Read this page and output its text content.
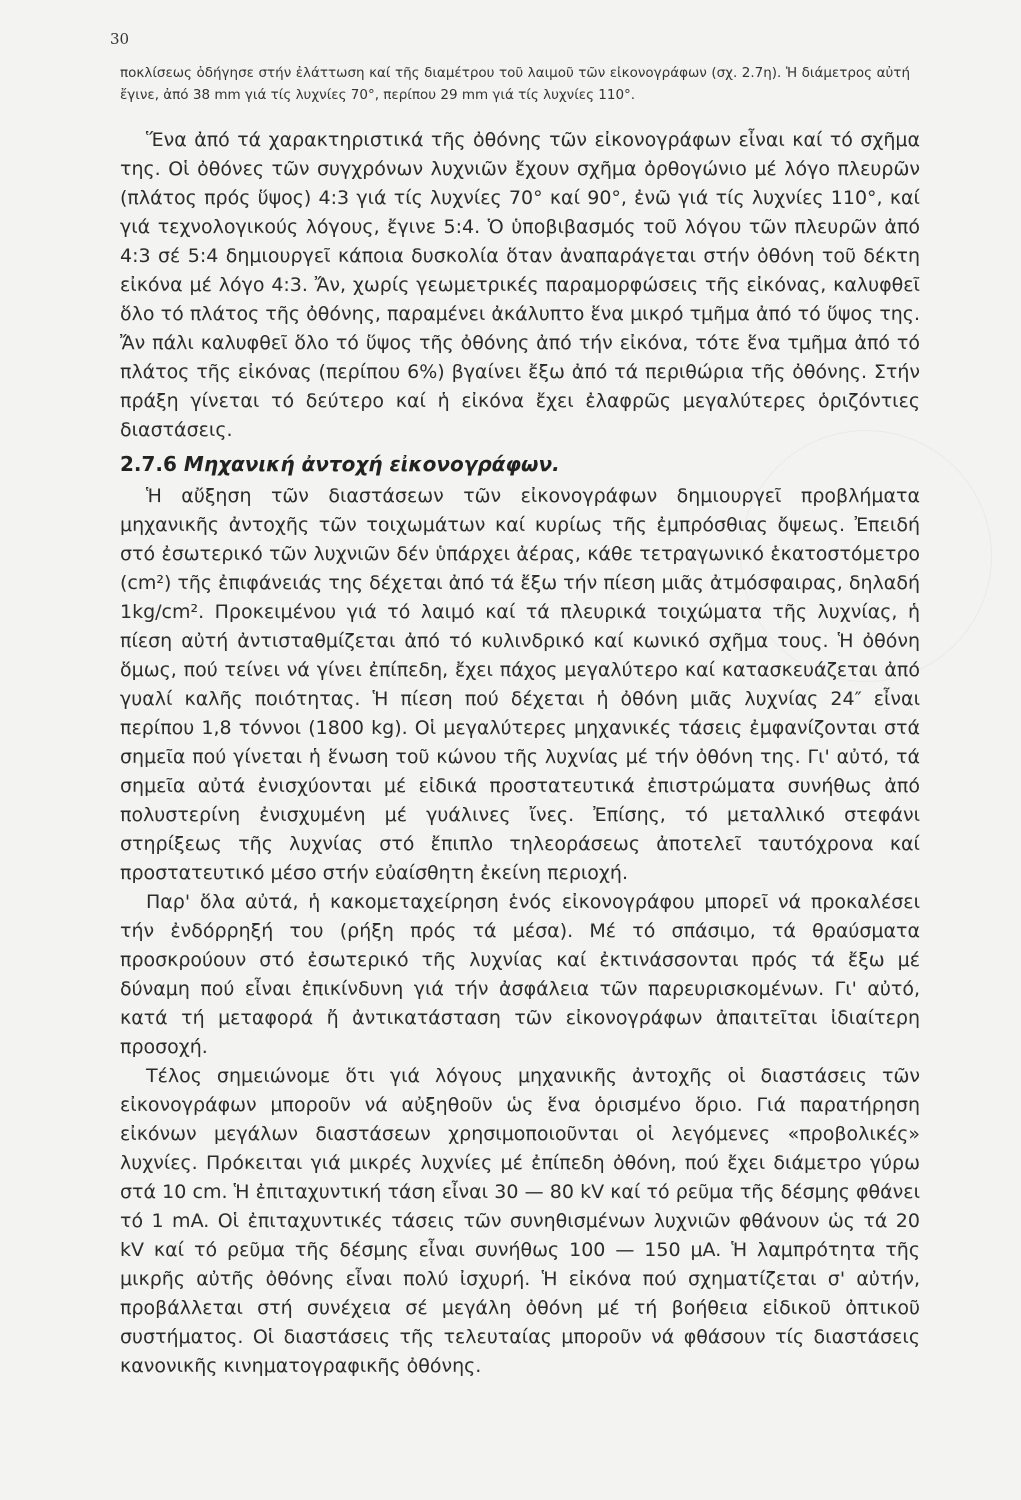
30
ποκλίσεως ὁδήγησε στήν ἐλάττωση καί τῆς διαμέτρου τοῦ λαιμοῦ τῶν εἰκονογράφων (σχ. 2.7η). Ἡ διάμετρος αὐτή ἔγινε, ἀπό 38 mm γιά τίς λυχνίες 70°, περίπου 29 mm γιά τίς λυχνίες 110°.

Ἕνα ἀπό τά χαρακτηριστικά τῆς ὀθόνης τῶν εἰκονογράφων εἶναι καί τό σχῆμα της. Οἱ ὀθόνες τῶν συγχρόνων λυχνιῶν ἔχουν σχῆμα ὀρθογώνιο μέ λόγο πλευρῶν (πλάτος πρός ὕψος) 4:3 γιά τίς λυχνίες 70° καί 90°, ἐνῶ γιά τίς λυχνίες 110°, καί γιά τεχνολογικούς λόγους, ἔγινε 5:4. Ὁ ὑποβιβασμός τοῦ λόγου τῶν πλευρῶν ἀπό 4:3 σέ 5:4 δημιουργεῖ κάποια δυσκολία ὅταν ἀναπαράγεται στήν ὀθόνη τοῦ δέκτη εἰκόνα μέ λόγο 4:3. Ἄν, χωρίς γεωμετρικές παραμορφώσεις τῆς εἰκόνας, καλυφθεῖ ὅλο τό πλάτος τῆς ὀθόνης, παραμένει ἀκάλυπτο ἕνα μικρό τμῆμα ἀπό τό ὕψος της. Ἄν πάλι καλυφθεῖ ὅλο τό ὕψος τῆς ὀθόνης ἀπό τήν εἰκόνα, τότε ἕνα τμῆμα ἀπό τό πλάτος τῆς εἰκόνας (περίπου 6%) βγαίνει ἔξω ἀπό τά περιθώρια τῆς ὀθόνης. Στήν πράξη γίνεται τό δεύτερο καί ἡ εἰκόνα ἔχει ἐλαφρῶς μεγαλύτερες ὁριζόντιες διαστάσεις.

2.7.6 Μηχανική ἀντοχή εἰκονογράφων.

Ἡ αὔξηση τῶν διαστάσεων τῶν εἰκονογράφων δημιουργεῖ προβλήματα μηχανικῆς ἀντοχῆς τῶν τοιχωμάτων καί κυρίως τῆς ἐμπρόσθιας ὄψεως. Ἐπειδή στό ἐσωτερικό τῶν λυχνιῶν δέν ὑπάρχει ἀέρας, κάθε τετραγωνικό ἑκατοστόμετρο (cm²) τῆς ἐπιφάνειάς της δέχεται ἀπό τά ἔξω τήν πίεση μιᾶς ἀτμόσφαιρας, δηλαδή 1kg/cm². Προκειμένου γιά τό λαιμό καί τά πλευρικά τοιχώματα τῆς λυχνίας, ἡ πίεση αὐτή ἀντισταθμίζεται ἀπό τό κυλινδρικό καί κωνικό σχῆμα τους. Ἡ ὀθόνη ὅμως, πού τείνει νά γίνει ἐπίπεδη, ἔχει πάχος μεγαλύτερο καί κατασκευάζεται ἀπό γυαλί καλῆς ποιότητας. Ἡ πίεση πού δέχεται ἡ ὀθόνη μιᾶς λυχνίας 24″ εἶναι περίπου 1,8 τόννοι (1800 kg). Οἱ μεγαλύτερες μηχανικές τάσεις ἐμφανίζονται στά σημεῖα πού γίνεται ἡ ἕνωση τοῦ κώνου τῆς λυχνίας μέ τήν ὀθόνη της. Γι' αὐτό, τά σημεῖα αὐτά ἐνισχύονται μέ εἰδικά προστατευτικά ἐπιστρώματα συνήθως ἀπό πολυστερίνη ἐνισχυμένη μέ γυάλινες ἴνες. Ἐπίσης, τό μεταλλικό στεφάνι στηρίξεως τῆς λυχνίας στό ἔπιπλο τηλεοράσεως ἀποτελεῖ ταυτόχρονα καί προστατευτικό μέσο στήν εὐαίσθητη ἐκείνη περιοχή.

Παρ' ὅλα αὐτά, ἡ κακομεταχείρηση ἑνός εἰκονογράφου μπορεῖ νά προκαλέσει τήν ἐνδόρρηξή του (ρήξη πρός τά μέσα). Μέ τό σπάσιμο, τά θραύσματα προσκρούουν στό ἐσωτερικό τῆς λυχνίας καί ἐκτινάσσονται πρός τά ἔξω μέ δύναμη πού εἶναι ἐπικίνδυνη γιά τήν ἀσφάλεια τῶν παρευρισκομένων. Γι' αὐτό, κατά τή μεταφορά ἤ ἀντικατάσταση τῶν εἰκονογράφων ἀπαιτεῖται ἰδιαίτερη προσοχή.

Τέλος σημειώνομε ὅτι γιά λόγους μηχανικῆς ἀντοχῆς οἱ διαστάσεις τῶν εἰκονογράφων μποροῦν νά αὐξηθοῦν ὡς ἕνα ὁρισμένο ὅριο. Γιά παρατήρηση εἰκόνων μεγάλων διαστάσεων χρησιμοποιοῦνται οἱ λεγόμενες «προβολικές» λυχνίες. Πρόκειται γιά μικρές λυχνίες μέ ἐπίπεδη ὀθόνη, πού ἔχει διάμετρο γύρω στά 10 cm. Ἡ ἐπιταχυντική τάση εἶναι 30 — 80 kV καί τό ρεῦμα τῆς δέσμης φθάνει τό 1 mA. Οἱ ἐπιταχυντικές τάσεις τῶν συνηθισμένων λυχνιῶν φθάνουν ὡς τά 20 kV καί τό ρεῦμα τῆς δέσμης εἶναι συνήθως 100 — 150 μA. Ἡ λαμπρότητα τῆς μικρῆς αὐτῆς ὀθόνης εἶναι πολύ ἰσχυρή. Ἡ εἰκόνα πού σχηματίζεται σ' αὐτήν, προβάλλεται στή συνέχεια σέ μεγάλη ὀθόνη μέ τή βοήθεια εἰδικοῦ ὀπτικοῦ συστήματος. Οἱ διαστάσεις τῆς τελευταίας μποροῦν νά φθάσουν τίς διαστάσεις κανονικῆς κινηματογραφικῆς ὀθόνης.
